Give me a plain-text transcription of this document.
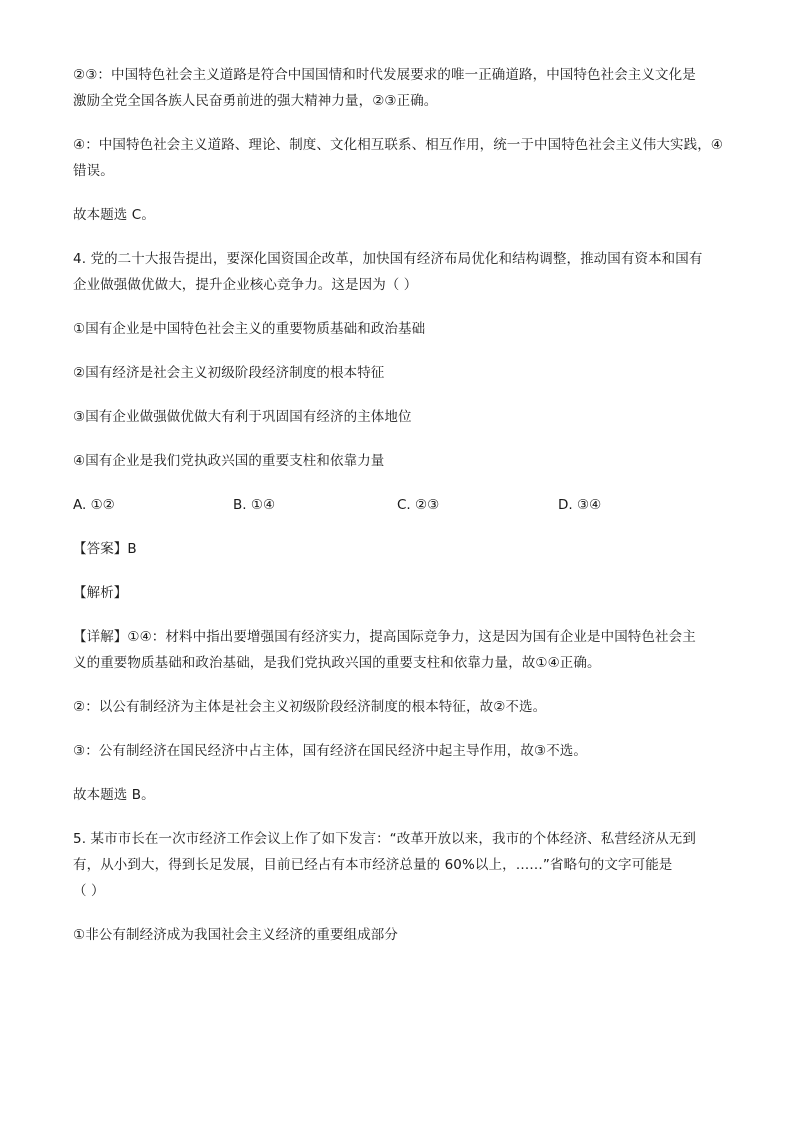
②③：中国特色社会主义道路是符合中国国情和时代发展要求的唯一正确道路，中国特色社会主义文化是

激励全党全国各族人民奋勇前进的强大精神力量，②③正确。

④：中国特色社会主义道路、理论、制度、文化相互联系、相互作用，统一于中国特色社会主义伟大实践，④

错误。

故本题选 C。

4. 党的二十大报告提出，要深化国资国企改革，加快国有经济布局优化和结构调整，推动国有资本和国有

企业做强做优做大，提升企业核心竞争力。这是因为（ ）

①国有企业是中国特色社会主义的重要物质基础和政治基础

②国有经济是社会主义初级阶段经济制度的根本特征

③国有企业做强做优做大有利于巩固国有经济的主体地位

④国有企业是我们党执政兴国的重要支柱和依靠力量

A. ①②	B. ①④	C. ②③	D. ③④

【答案】B

【解析】

【详解】①④：材料中指出要增强国有经济实力，提高国际竞争力，这是因为国有企业是中国特色社会主

义的重要物质基础和政治基础，是我们党执政兴国的重要支柱和依靠力量，故①④正确。

②：以公有制经济为主体是社会主义初级阶段经济制度的根本特征，故②不选。

③：公有制经济在国民经济中占主体，国有经济在国民经济中起主导作用，故③不选。

故本题选 B。

5. 某市市长在一次市经济工作会议上作了如下发言：“改革开放以来，我市的个体经济、私营经济从无到

有，从小到大，得到长足发展，目前已经占有本市经济总量的 60%以上，……”省略句的文字可能是

（ ）

①非公有制经济成为我国社会主义经济的重要组成部分
